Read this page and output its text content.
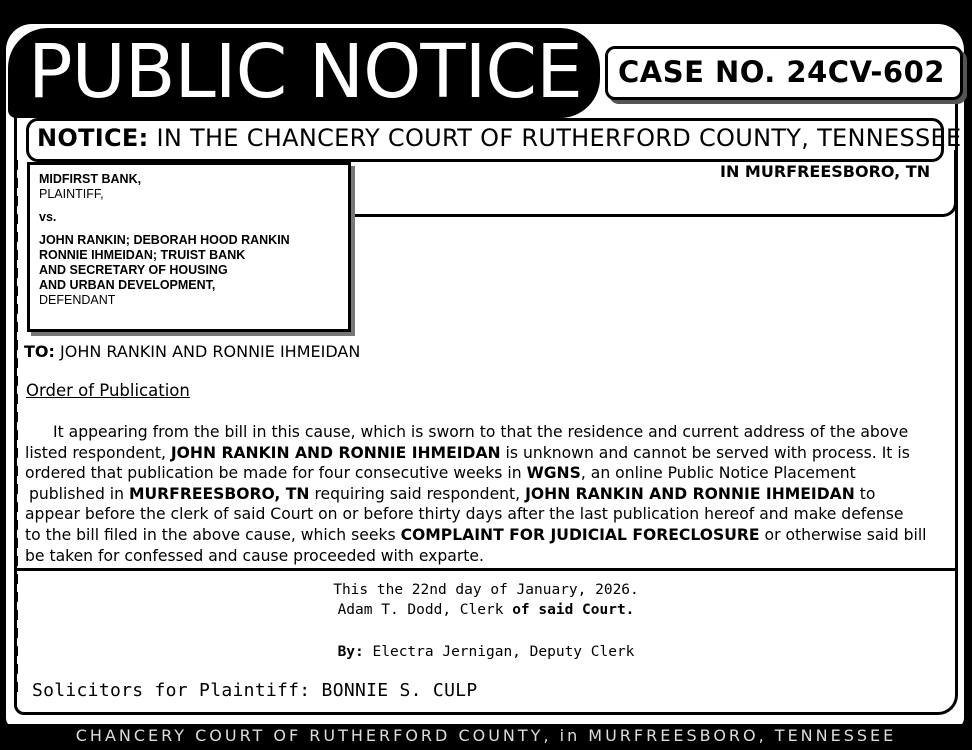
PUBLIC NOTICE CASE NO. 24CV-602
NOTICE: IN THE CHANCERY COURT OF RUTHERFORD COUNTY, TENNESSEE
IN MURFREESBORO, TN
MIDFIRST BANK,
PLAINTIFF,
vs.
JOHN RANKIN; DEBORAH HOOD RANKIN
RONNIE IHMEIDAN; TRUIST BANK
AND SECRETARY OF HOUSING
AND URBAN DEVELOPMENT,
DEFENDANT
TO: JOHN RANKIN AND RONNIE IHMEIDAN
Order of Publication

It appearing from the bill in this cause, which is sworn to that the residence and current address of the above

listed respondent, JOHN RANKIN AND RONNIE IHMEIDAN is unknown and cannot be served with process. It is

ordered that publication be made for four consecutive weeks in WGNS, an online Public Notice Placement

published in MURFREESBORO, TN requiring said respondent, JOHN RANKIN AND RONNIE IHMEIDAN to

appear before the clerk of said Court on or before thirty days after the last publication hereof and make defense

to the bill filed in the above cause, which seeks COMPLAINT FOR JUDICIAL FORECLOSURE or otherwise said bill

be taken for confessed and cause proceeded with exparte.

This the 22nd day of January, 2026.
Adam T. Dodd, Clerk of said Court.
By: Electra Jernigan, Deputy Clerk
Solicitors for Plaintiff: BONNIE S. CULP
CHANCERY COURT OF RUTHERFORD COUNTY, in MURFREESBORO, TENNESSEE
